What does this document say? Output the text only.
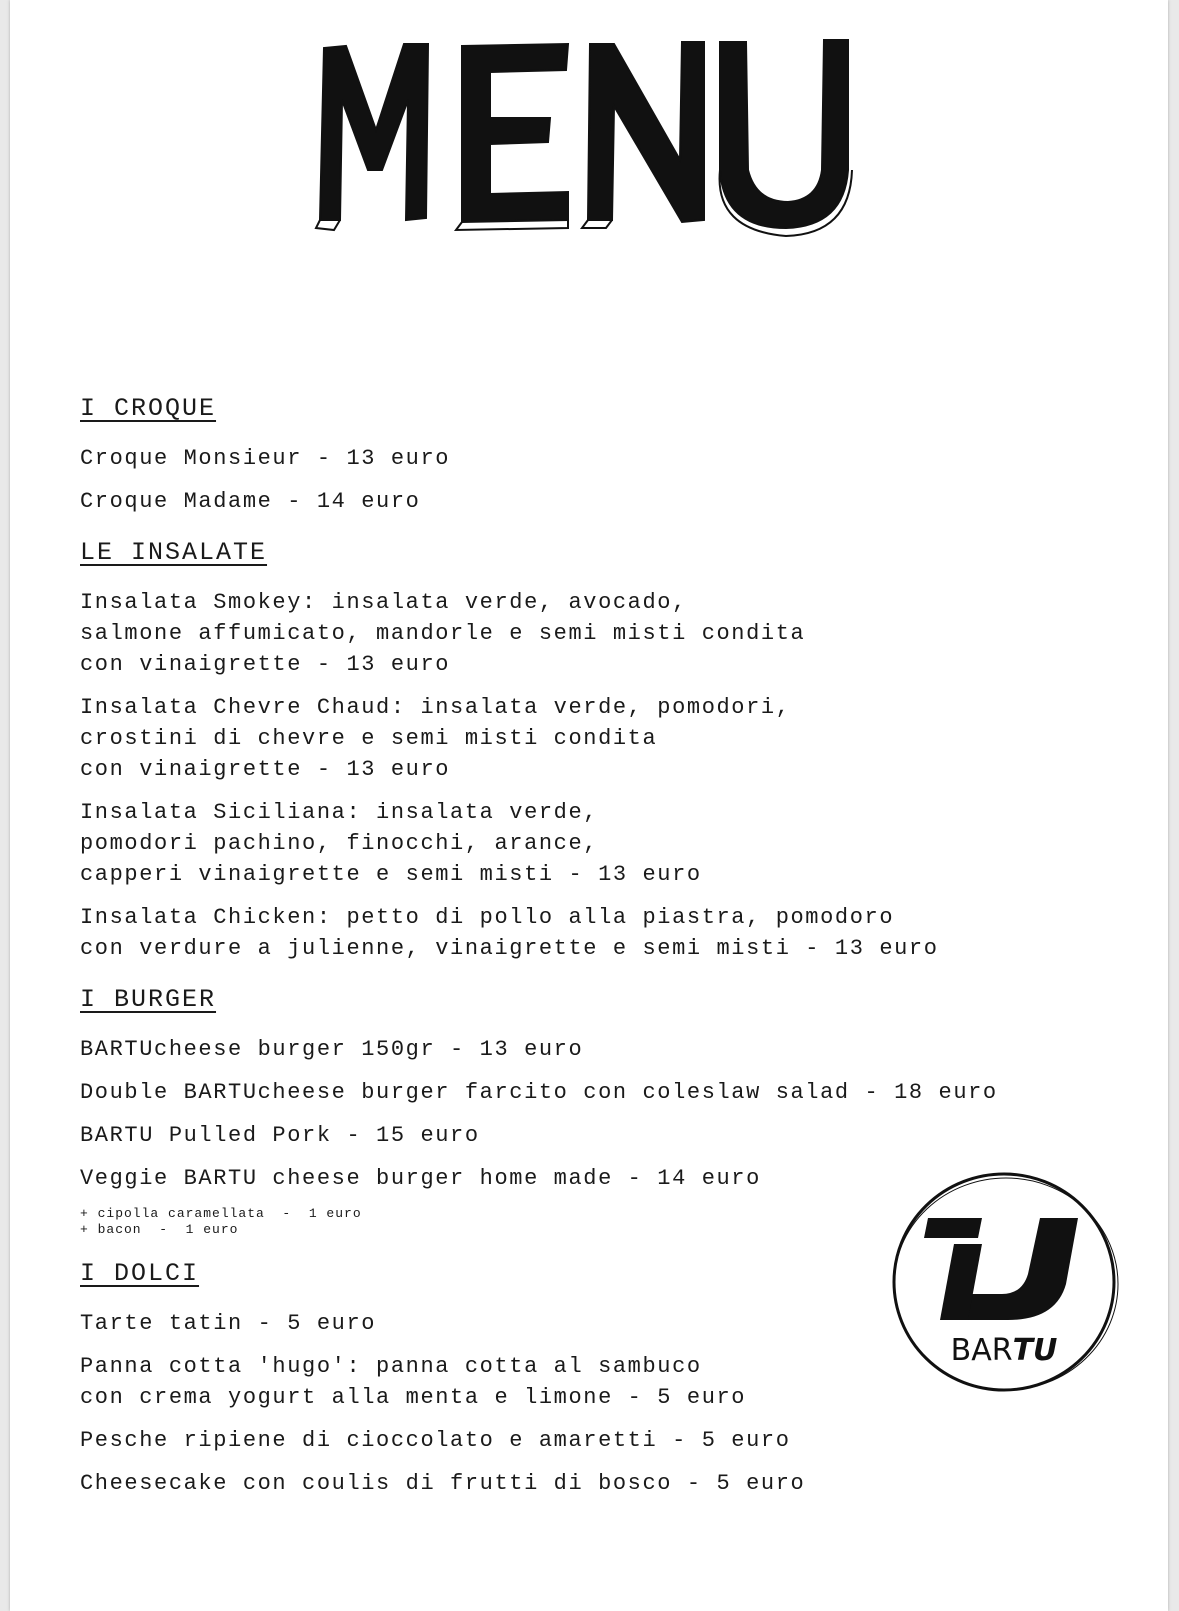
MENU
I CROQUE
Croque Monsieur - 13 euro
Croque Madame - 14 euro
LE INSALATE
Insalata Smokey: insalata verde, avocado,
salmone affumicato, mandorle e semi misti condita
con vinaigrette - 13 euro
Insalata Chevre Chaud: insalata verde, pomodori,
crostini di chevre e semi misti condita
con vinaigrette - 13 euro
Insalata Siciliana: insalata verde,
pomodori pachino, finocchi, arance,
capperi vinaigrette e semi misti - 13 euro
Insalata Chicken: petto di pollo alla piastra, pomodoro
con verdure a julienne, vinaigrette e semi misti - 13 euro
I BURGER
BARTUcheese burger 150gr - 13 euro
Double BARTUcheese burger farcito con coleslaw salad - 18 euro
BARTU Pulled Pork - 15 euro
Veggie BARTU cheese burger home made - 14 euro
+ cipolla caramellata  -  1 euro
+ bacon  -  1 euro
I DOLCI
Tarte tatin - 5 euro
Panna cotta 'hugo': panna cotta al sambuco
con crema yogurt alla menta e limone - 5 euro
Pesche ripiene di cioccolato e amaretti - 5 euro
Cheesecake con coulis di frutti di bosco - 5 euro
BARTU
